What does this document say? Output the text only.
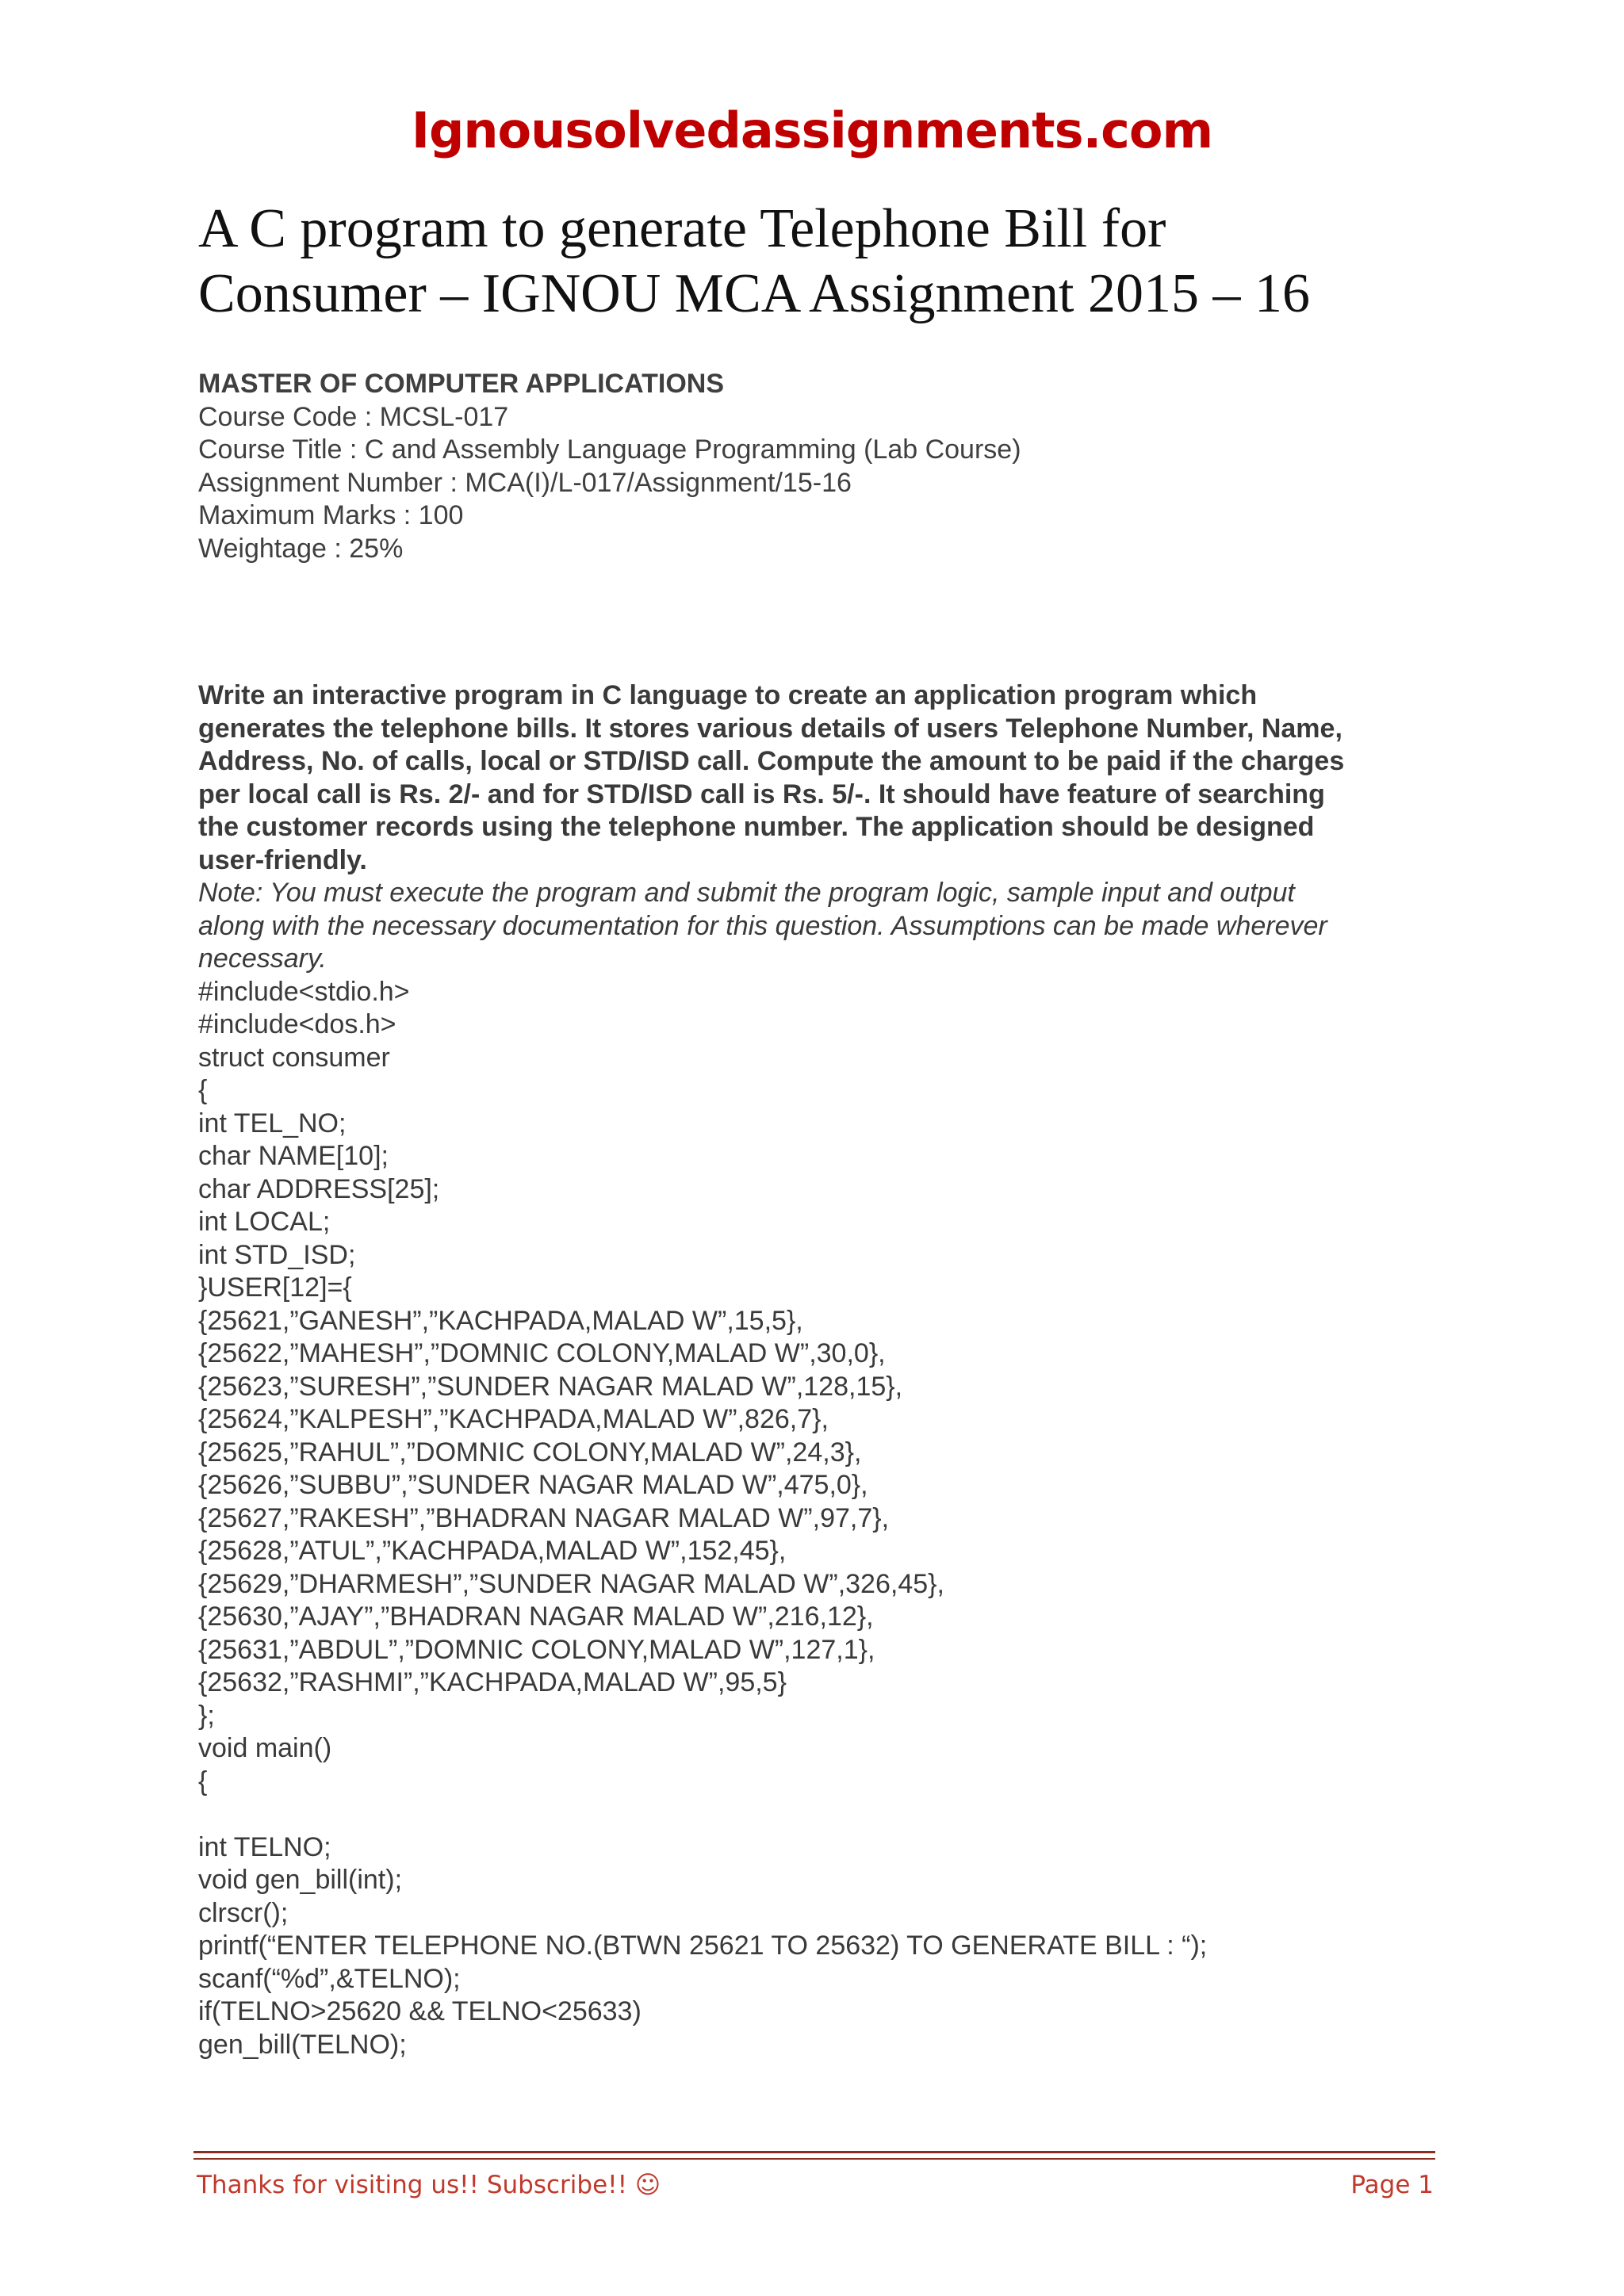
Ignousolvedassignments.com
A C program to generate Telephone Bill for
Consumer – IGNOU MCA Assignment 2015 – 16
MASTER OF COMPUTER APPLICATIONS
Course Code : MCSL-017
Course Title : C and Assembly Language Programming (Lab Course)
Assignment Number : MCA(I)/L-017/Assignment/15-16
Maximum Marks : 100
Weightage : 25%
Write an interactive program in C language to create an application program which
generates the telephone bills. It stores various details of users Telephone Number, Name,
Address, No. of calls, local or STD/ISD call. Compute the amount to be paid if the charges
per local call is Rs. 2/- and for STD/ISD call is Rs. 5/-. It should have feature of searching
the customer records using the telephone number. The application should be designed
user-friendly.
Note: You must execute the program and submit the program logic, sample input and output
along with the necessary documentation for this question. Assumptions can be made wherever
necessary.
#include<stdio.h>
#include<dos.h>
struct consumer
{
int TEL_NO;
char NAME[10];
char ADDRESS[25];
int LOCAL;
int STD_ISD;
}USER[12]={
{25621,”GANESH”,”KACHPADA,MALAD W”,15,5},
{25622,”MAHESH”,”DOMNIC COLONY,MALAD W”,30,0},
{25623,”SURESH”,”SUNDER NAGAR MALAD W”,128,15},
{25624,”KALPESH”,”KACHPADA,MALAD W”,826,7},
{25625,”RAHUL”,”DOMNIC COLONY,MALAD W”,24,3},
{25626,”SUBBU”,”SUNDER NAGAR MALAD W”,475,0},
{25627,”RAKESH”,”BHADRAN NAGAR MALAD W”,97,7},
{25628,”ATUL”,”KACHPADA,MALAD W”,152,45},
{25629,”DHARMESH”,”SUNDER NAGAR MALAD W”,326,45},
{25630,”AJAY”,”BHADRAN NAGAR MALAD W”,216,12},
{25631,”ABDUL”,”DOMNIC COLONY,MALAD W”,127,1},
{25632,”RASHMI”,”KACHPADA,MALAD W”,95,5}
};
void main()
{

int TELNO;
void gen_bill(int);
clrscr();
printf(“ENTER TELEPHONE NO.(BTWN 25621 TO 25632) TO GENERATE BILL : “);
scanf(“%d”,&TELNO);
if(TELNO>25620 && TELNO<25633)
gen_bill(TELNO);
Thanks for visiting us!! Subscribe!! ☺	Page 1
